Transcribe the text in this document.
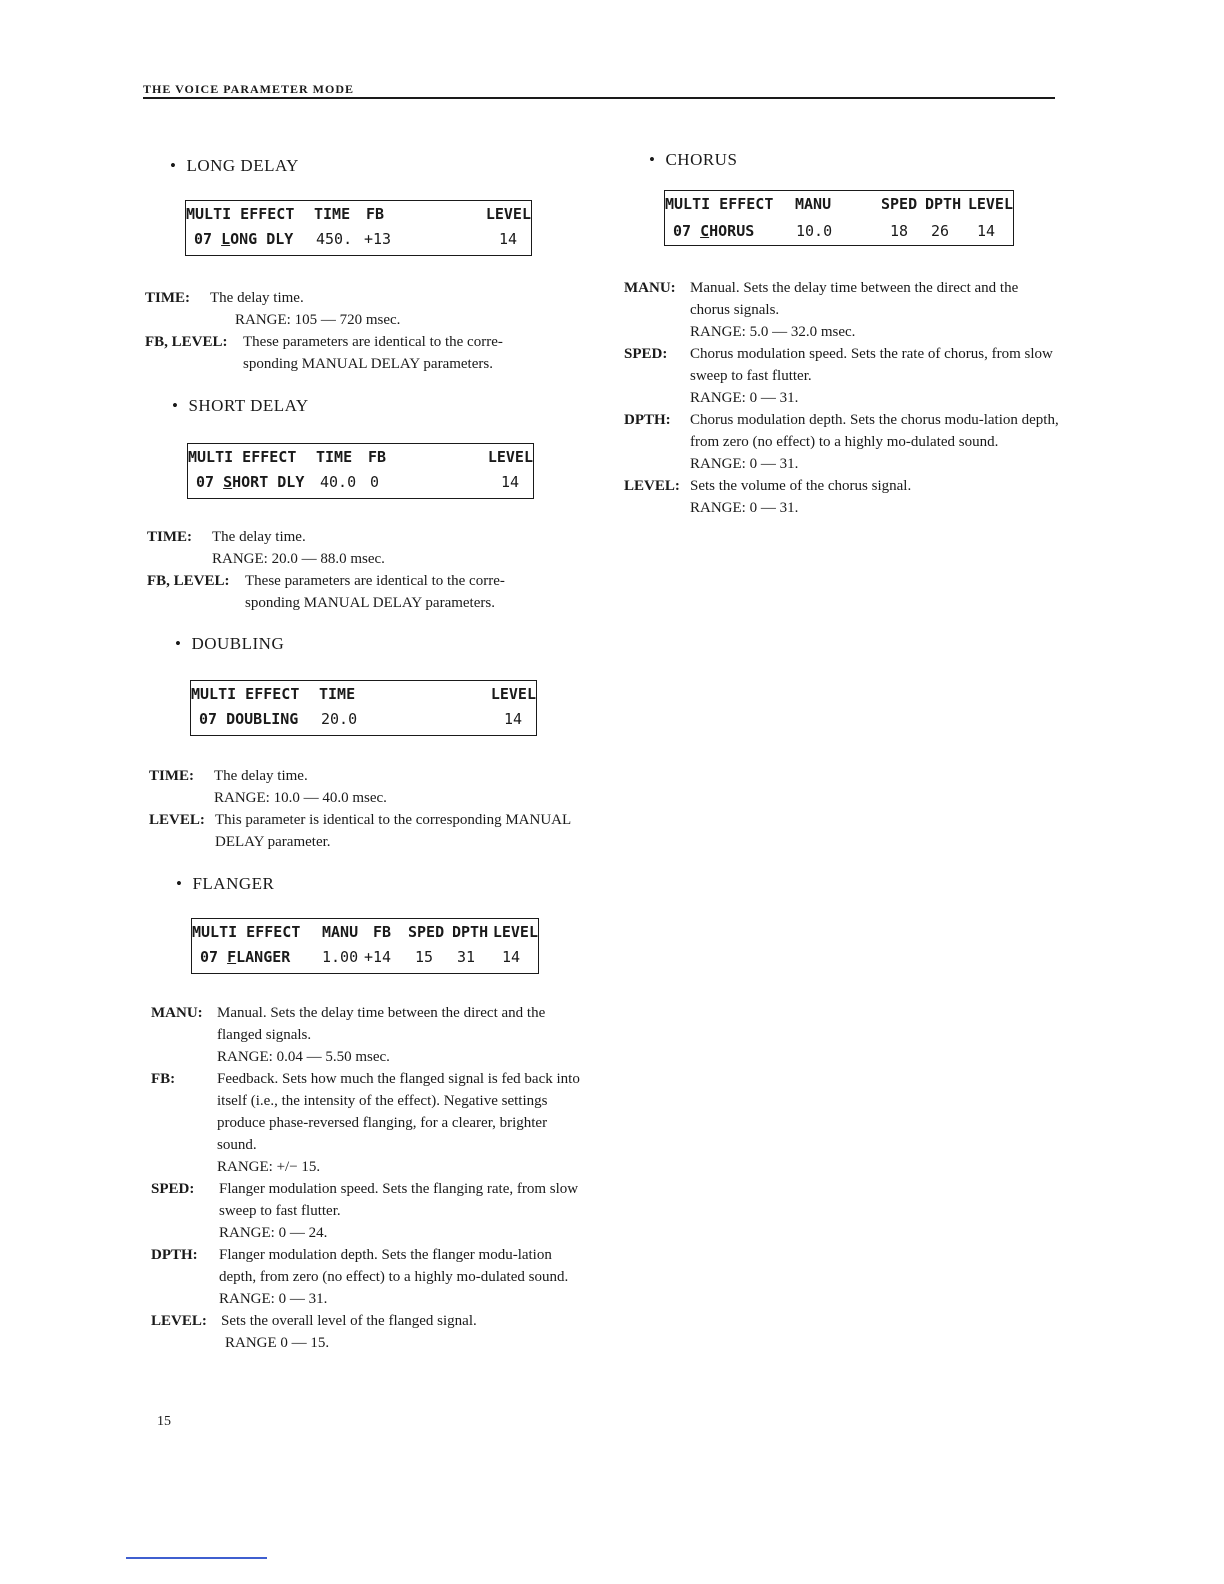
THE VOICE PARAMETER MODE
• LONG DELAY
MULTI EFFECT TIME FB	LEVEL
07 LONG DLY 450. +13	14
TIME: The delay time.
RANGE: 105 — 720 msec.
FB, LEVEL: These parameters are identical to the corre-sponding MANUAL DELAY parameters.
• SHORT DELAY
MULTI EFFECT TIME FB	LEVEL
07 SHORT DLY 40.0 0	14
TIME: The delay time.
RANGE: 20.0 — 88.0 msec.
FB, LEVEL: These parameters are identical to the corre-sponding MANUAL DELAY parameters.
• DOUBLING
MULTI EFFECT TIME	LEVEL
07 DOUBLING 20.0	14
TIME: The delay time.
RANGE: 10.0 — 40.0 msec.
LEVEL: This parameter is identical to the corresponding MANUAL DELAY parameter.
• FLANGER
MULTI EFFECT MANU FB SPED DPTH LEVEL
07 FLANGER 1.00 +14 15 31 14
MANU: Manual. Sets the delay time between the direct and the flanged signals.
RANGE: 0.04 — 5.50 msec.
FB:	Feedback. Sets how much the flanged signal is fed back into itself (i.e., the intensity of the effect). Negative settings produce phase-reversed flanging, for a clearer, brighter sound.
RANGE: +/− 15.
SPED: Flanger modulation speed. Sets the flanging rate, from slow sweep to fast flutter.
RANGE: 0 — 24.
DPTH: Flanger modulation depth. Sets the flanger modu-lation depth, from zero (no effect) to a highly mo-dulated sound.
RANGE: 0 — 31.
LEVEL: Sets the overall level of the flanged signal.
RANGE 0 — 15.
• CHORUS
MULTI EFFECT MANU	SPED DPTH LEVEL
07 CHORUS	10.0	18 26 14
MANU: Manual. Sets the delay time between the direct and the chorus signals.
RANGE: 5.0 — 32.0 msec.
SPED: Chorus modulation speed. Sets the rate of chorus, from slow sweep to fast flutter.
RANGE: 0 — 31.
DPTH: Chorus modulation depth. Sets the chorus modu-lation depth, from zero (no effect) to a highly mo-dulated sound.
RANGE: 0 — 31.
LEVEL: Sets the volume of the chorus signal.
RANGE: 0 — 31.
15
